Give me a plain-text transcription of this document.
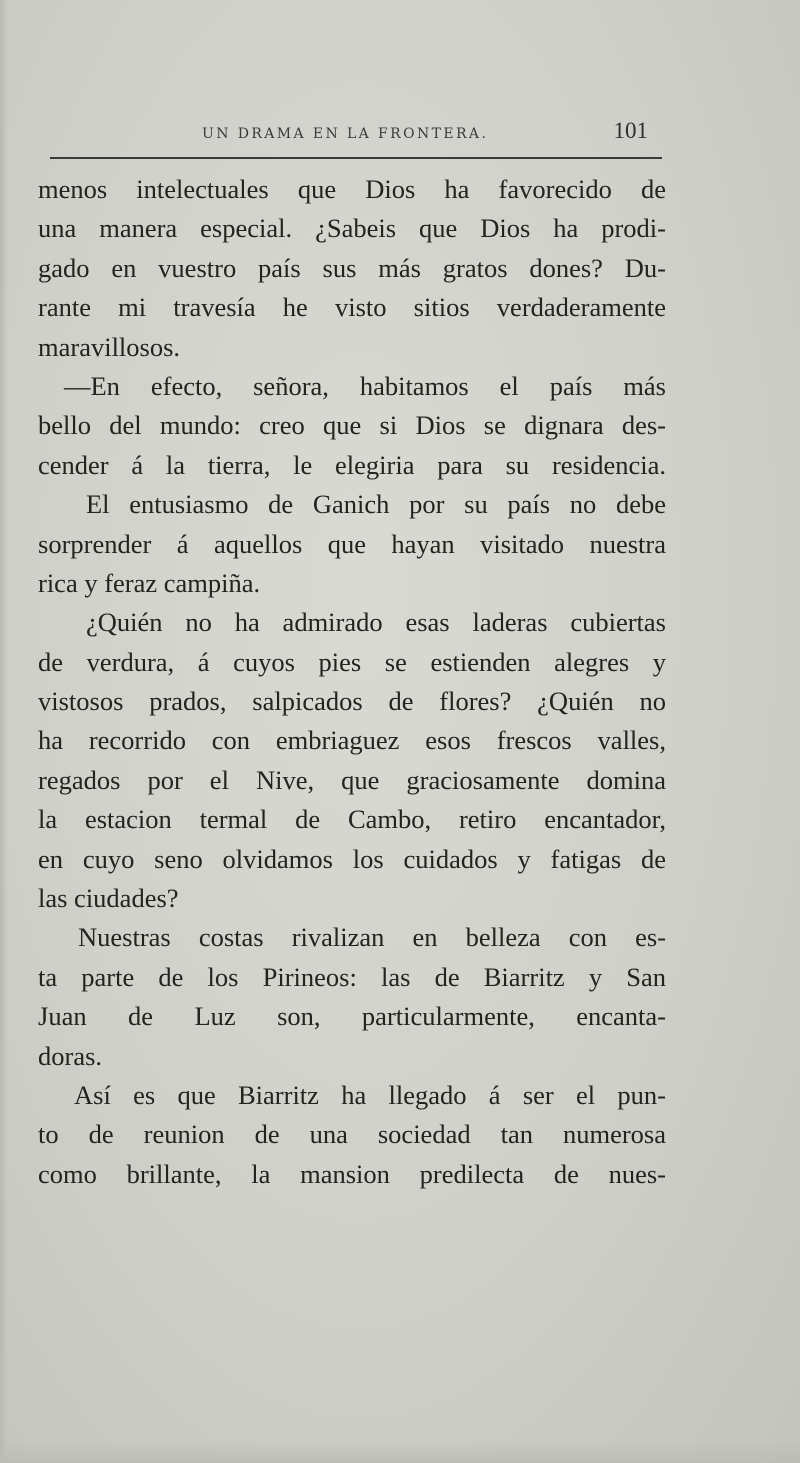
UN DRAMA EN LA FRONTERA.	101

menos intelectuales que Dios ha favorecido de
una manera especial. ¿Sabeis que Dios ha prodi-
gado en vuestro país sus más gratos dones? Du-
rante mi travesía he visto sitios verdaderamente
maravillosos.

—En efecto, señora, habitamos el país más
bello del mundo: creo que si Dios se dignara des-
cender á la tierra, le elegiria para su residencia.

El entusiasmo de Ganich por su país no debe
sorprender á aquellos que hayan visitado nuestra
rica y feraz campiña.

¿Quién no ha admirado esas laderas cubiertas
de verdura, á cuyos pies se estienden alegres y
vistosos prados, salpicados de flores? ¿Quién no
ha recorrido con embriaguez esos frescos valles,
regados por el Nive, que graciosamente domina
la estacion termal de Cambo, retiro encantador,
en cuyo seno olvidamos los cuidados y fatigas de
las ciudades?

Nuestras costas rivalizan en belleza con es-
ta parte de los Pirineos: las de Biarritz y San
Juan de Luz son, particularmente, encanta-
doras.

Así es que Biarritz ha llegado á ser el pun-
to de reunion de una sociedad tan numerosa
como brillante, la mansion predilecta de nues-
